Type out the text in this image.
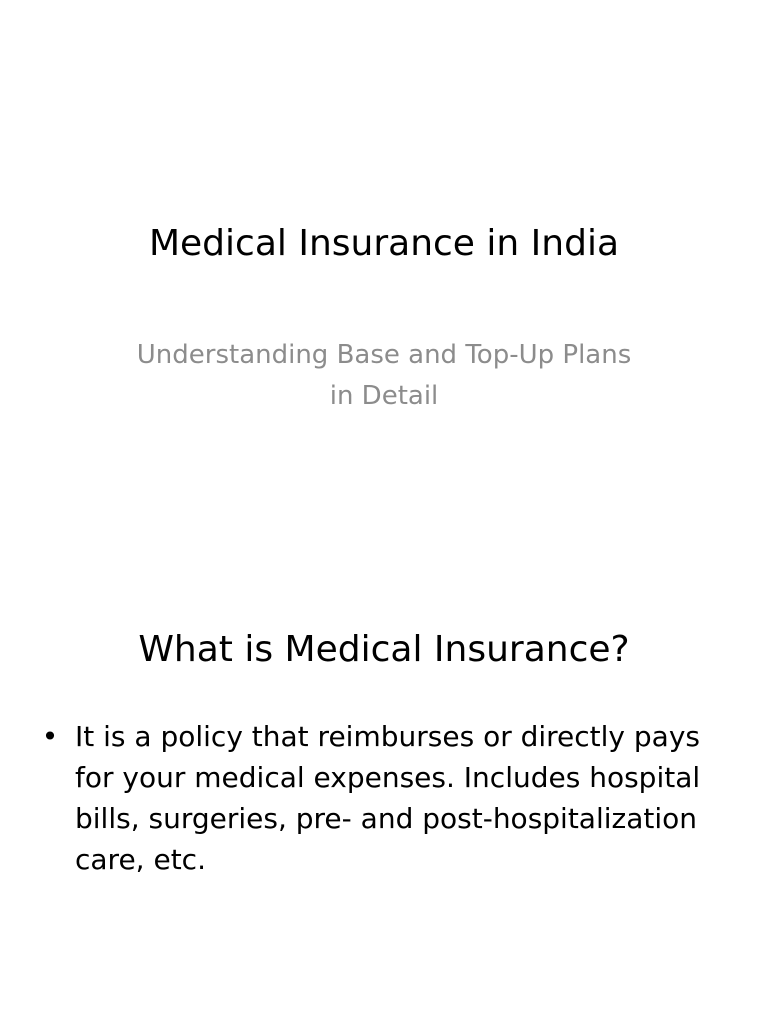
Medical Insurance in India

Understanding Base and Top-Up Plans in Detail

What is Medical Insurance?
• It is a policy that reimburses or directly pays for your medical expenses. Includes hospital bills, surgeries, pre- and post-hospitalization care, etc.
